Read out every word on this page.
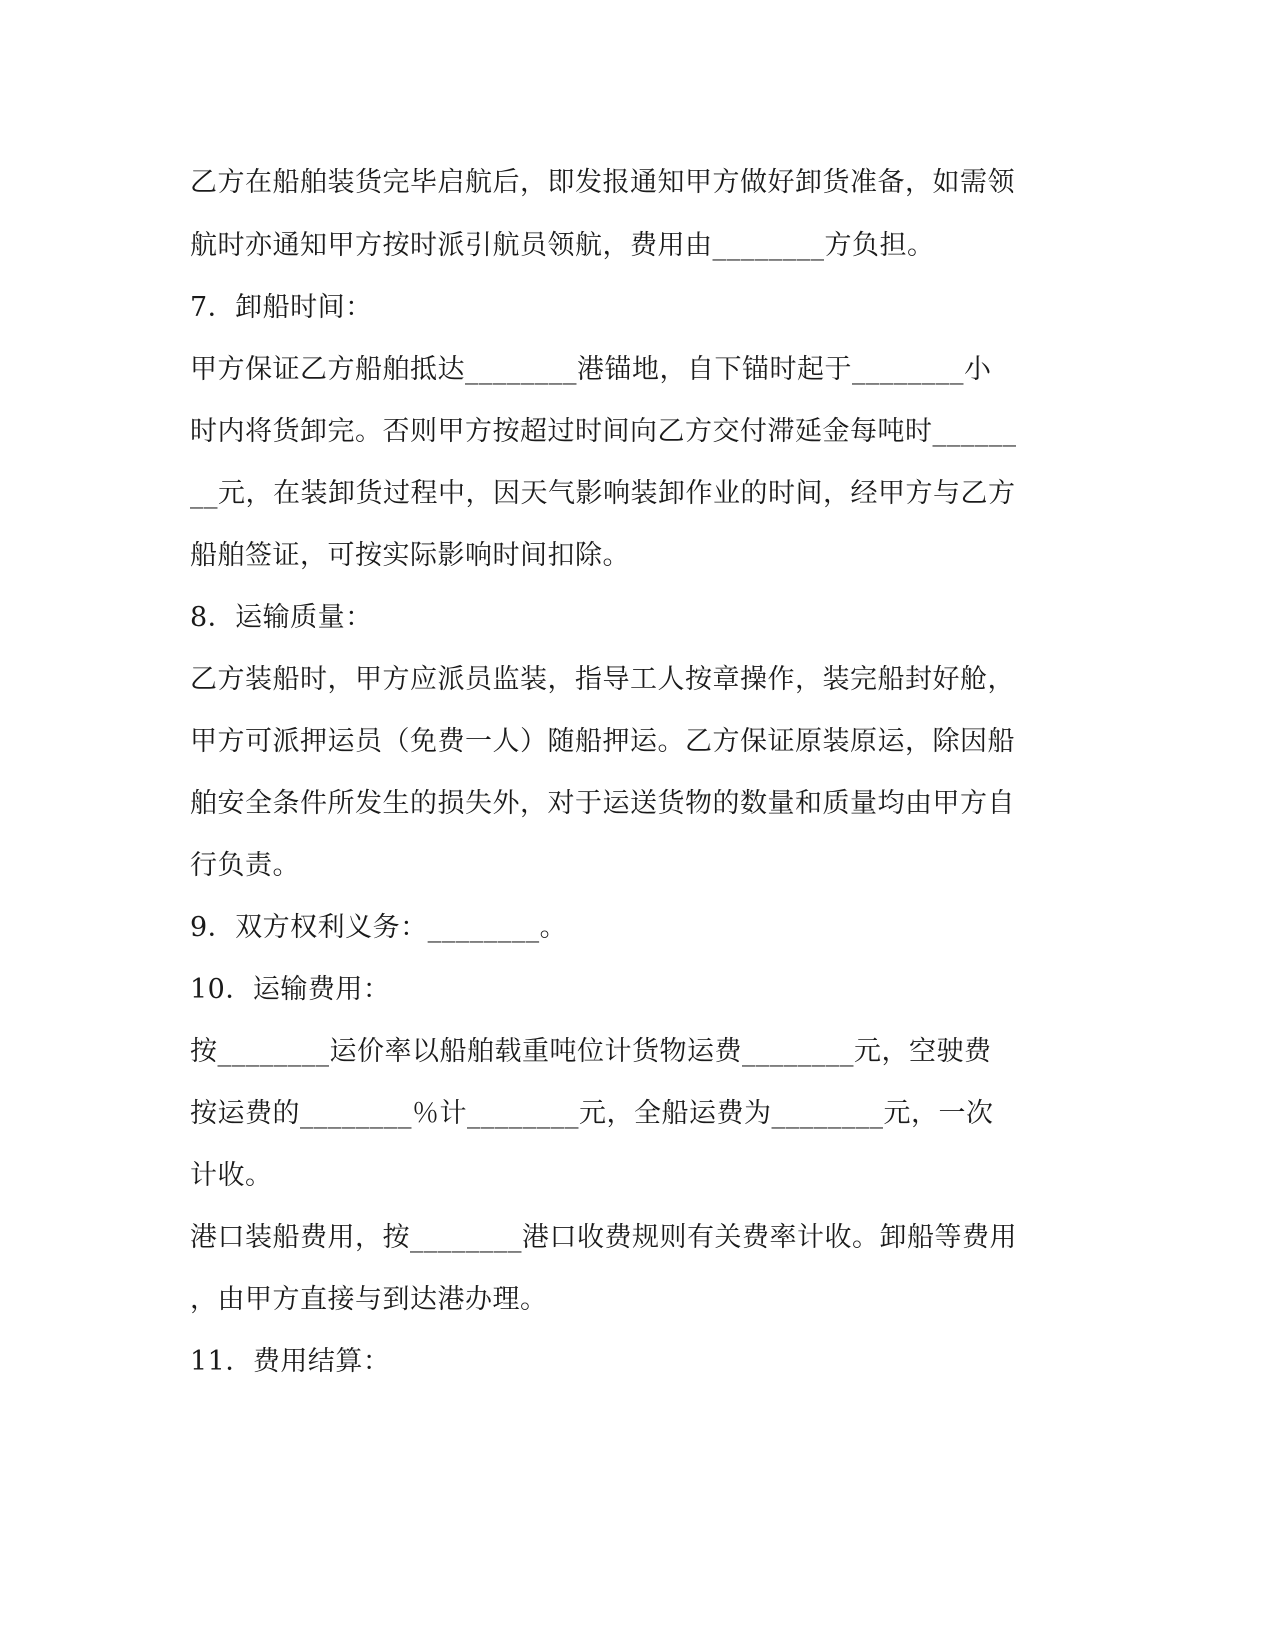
乙方在船舶装货完毕启航后，即发报通知甲方做好卸货准备，如需领
航时亦通知甲方按时派引航员领航，费用由________方负担。
7．卸船时间：
甲方保证乙方船舶抵达________港锚地，自下锚时起于________小
时内将货卸完。否则甲方按超过时间向乙方交付滞延金每吨时______
__元，在装卸货过程中，因天气影响装卸作业的时间，经甲方与乙方
船舶签证，可按实际影响时间扣除。
8．运输质量：
乙方装船时，甲方应派员监装，指导工人按章操作，装完船封好舱，
甲方可派押运员（免费一人）随船押运。乙方保证原装原运，除因船
舶安全条件所发生的损失外，对于运送货物的数量和质量均由甲方自
行负责。
9．双方权利义务：________。
10．运输费用：
按________运价率以船舶载重吨位计货物运费________元，空驶费
按运费的________％计________元，全船运费为________元，一次
计收。
港口装船费用，按________港口收费规则有关费率计收。卸船等费用
，由甲方直接与到达港办理。
11．费用结算：
